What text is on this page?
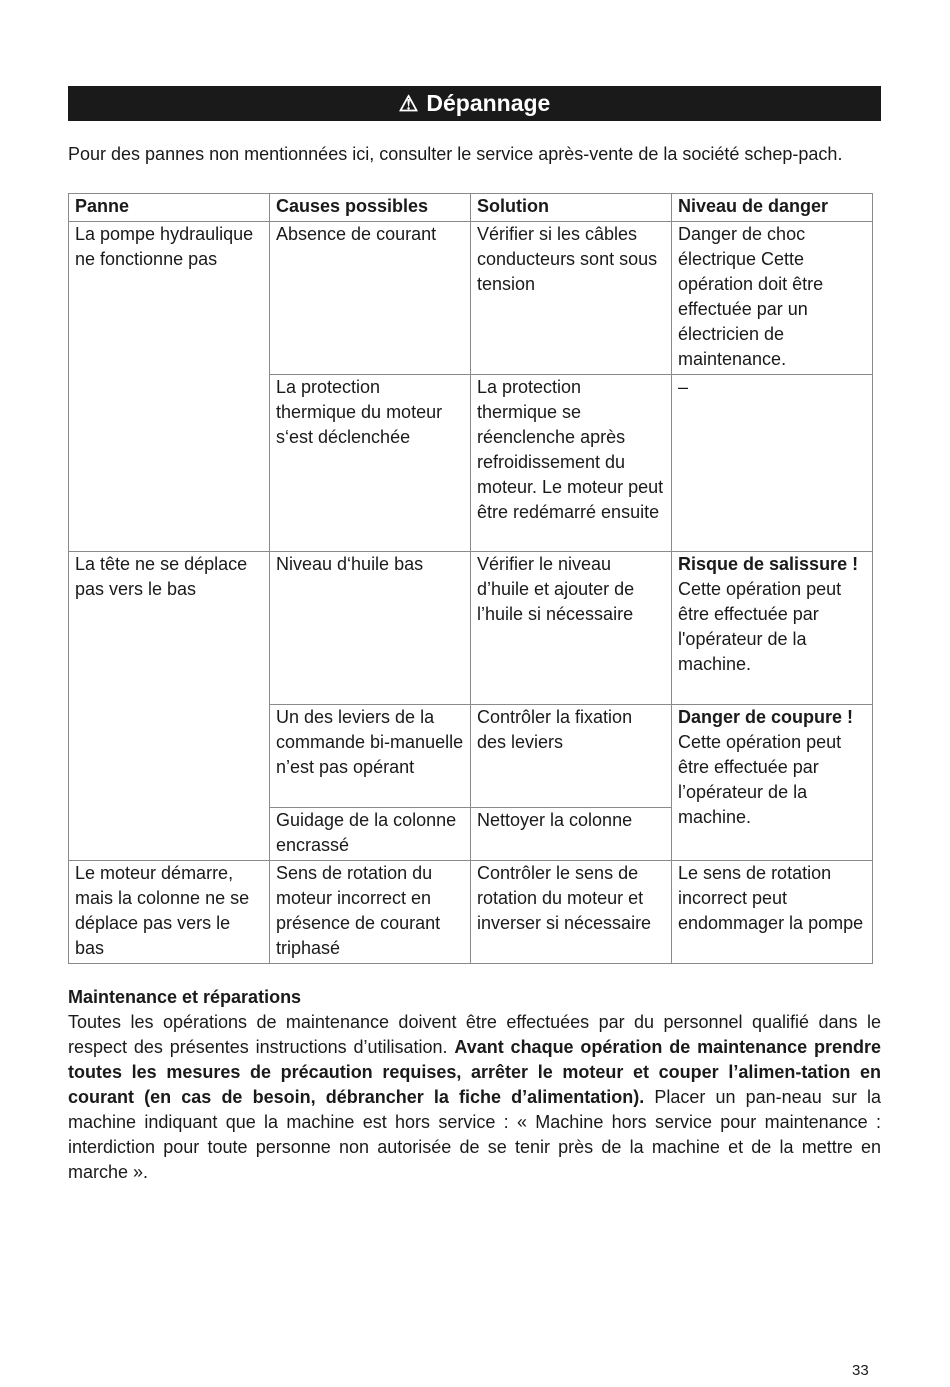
⚠ Dépannage

Pour des pannes non mentionnées ici, consulter le service après-vente de la société schep-pach.

Panne	Causes possibles	Solution	Niveau de danger
La pompe hydraulique ne fonctionne pas	Absence de courant	Vérifier si les câbles conducteurs sont sous tension	Danger de choc électrique Cette opération doit être effectuée par un électricien de maintenance.
	La protection thermique du moteur s‘est déclenchée	La protection thermique se réenclenche après refroidissement du moteur. Le moteur peut être redémarré ensuite	–
La tête ne se déplace pas vers le bas	Niveau d‘huile bas	Vérifier le niveau d’huile et ajouter de l’huile si nécessaire	Risque de salissure !
Cette opération peut être effectuée par l'opérateur de la machine.

	Un des leviers de la commande bi-manuelle n’est pas opérant	Contrôler la fixation des leviers	Danger de coupure !
Cette opération peut être effectuée par l’opérateur de la machine.

	Guidage de la colonne encrassé	Nettoyer la colonne	
Le moteur démarre, mais la colonne ne se déplace pas vers le bas	Sens de rotation du moteur incorrect en présence de courant triphasé	Contrôler le sens de rotation du moteur et inverser si nécessaire	Le sens de rotation incorrect peut endommager la pompe
Maintenance et réparations

Toutes les opérations de maintenance doivent être effectuées par du personnel qualifié dans le respect des présentes instructions d’utilisation. Avant chaque opération de maintenance prendre toutes les mesures de précaution requises, arrêter le moteur et couper l’alimen-tation en courant (en cas de besoin, débrancher la fiche d’alimentation). Placer un pan-neau sur la machine indiquant que la machine est hors service : « Machine hors service pour maintenance : interdiction pour toute personne non autorisée de se tenir près de la machine et de la mettre en marche ».

33
